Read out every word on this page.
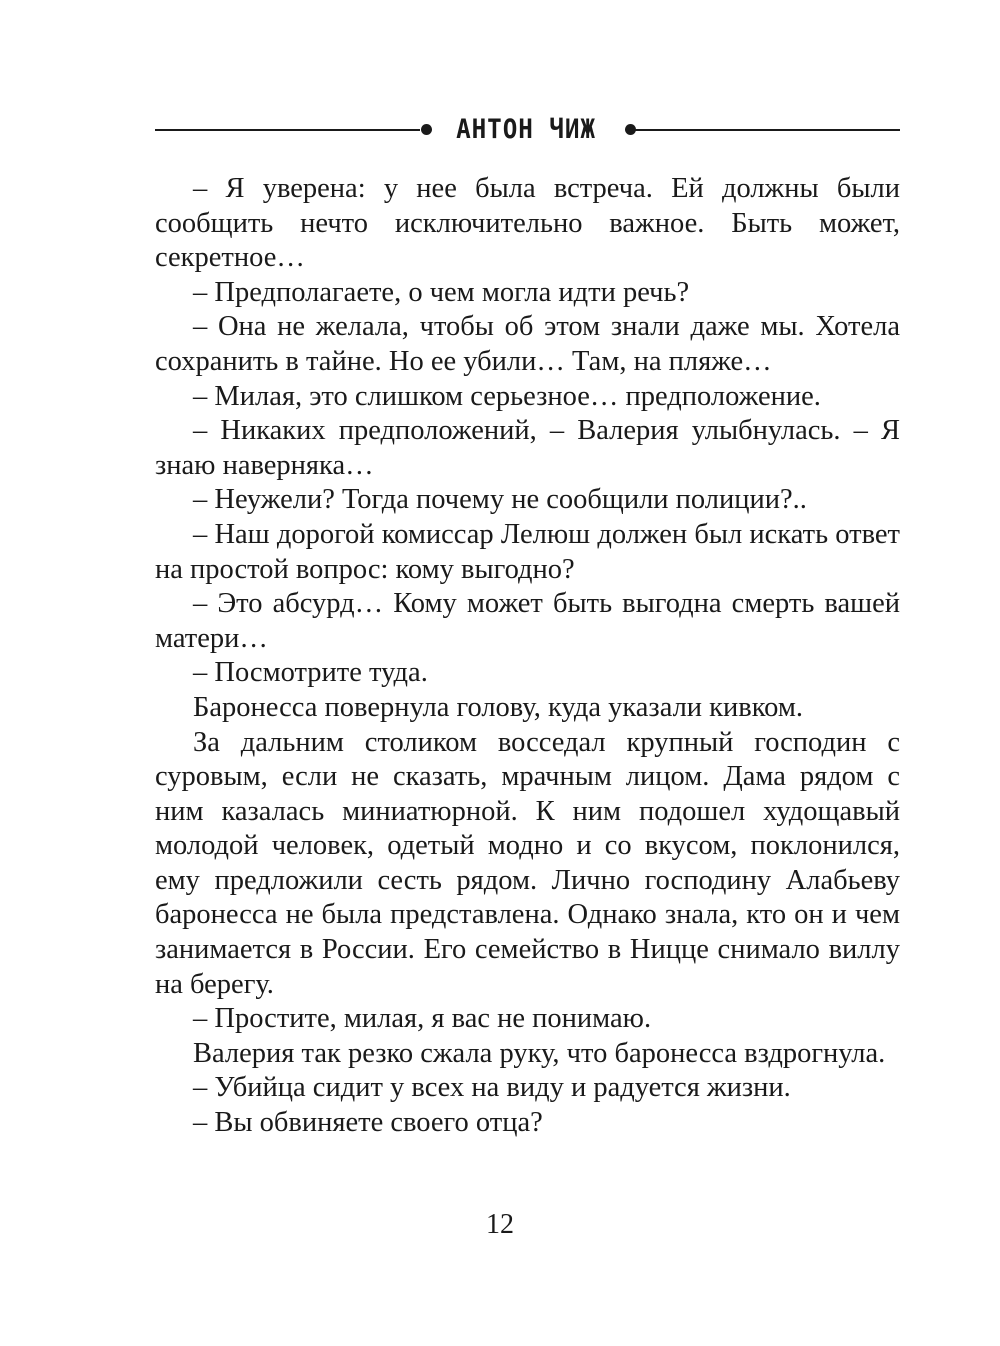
АНТОН ЧИЖ

– Я уверена: у нее была встреча. Ей должны были сообщить нечто исключительно важное. Быть может, секретное…

– Предполагаете, о чем могла идти речь?

– Она не желала, чтобы об этом знали даже мы. Хотела сохранить в тайне. Но ее убили… Там, на пляже…

– Милая, это слишком серьезное… предположение.

– Никаких предположений, – Валерия улыбнулась. – Я знаю наверняка…

– Неужели? Тогда почему не сообщили полиции?..

– Наш дорогой комиссар Лелюш должен был искать ответ на простой вопрос: кому выгодно?

– Это абсурд… Кому может быть выгодна смерть вашей матери…

– Посмотрите туда.

Баронесса повернула голову, куда указали кивком.

За дальним столиком восседал крупный господин с суровым, если не сказать, мрачным лицом. Дама рядом с ним казалась миниатюрной. К ним подошел худощавый молодой человек, одетый модно и со вкусом, поклонился, ему предложили сесть рядом. Лично господину Алабьеву баронесса не была представлена. Однако знала, кто он и чем занимается в России. Его семейство в Ницце снимало виллу на берегу.

– Простите, милая, я вас не понимаю.

Валерия так резко сжала руку, что баронесса вздрогнула.

– Убийца сидит у всех на виду и радуется жизни.

– Вы обвиняете своего отца?

12
